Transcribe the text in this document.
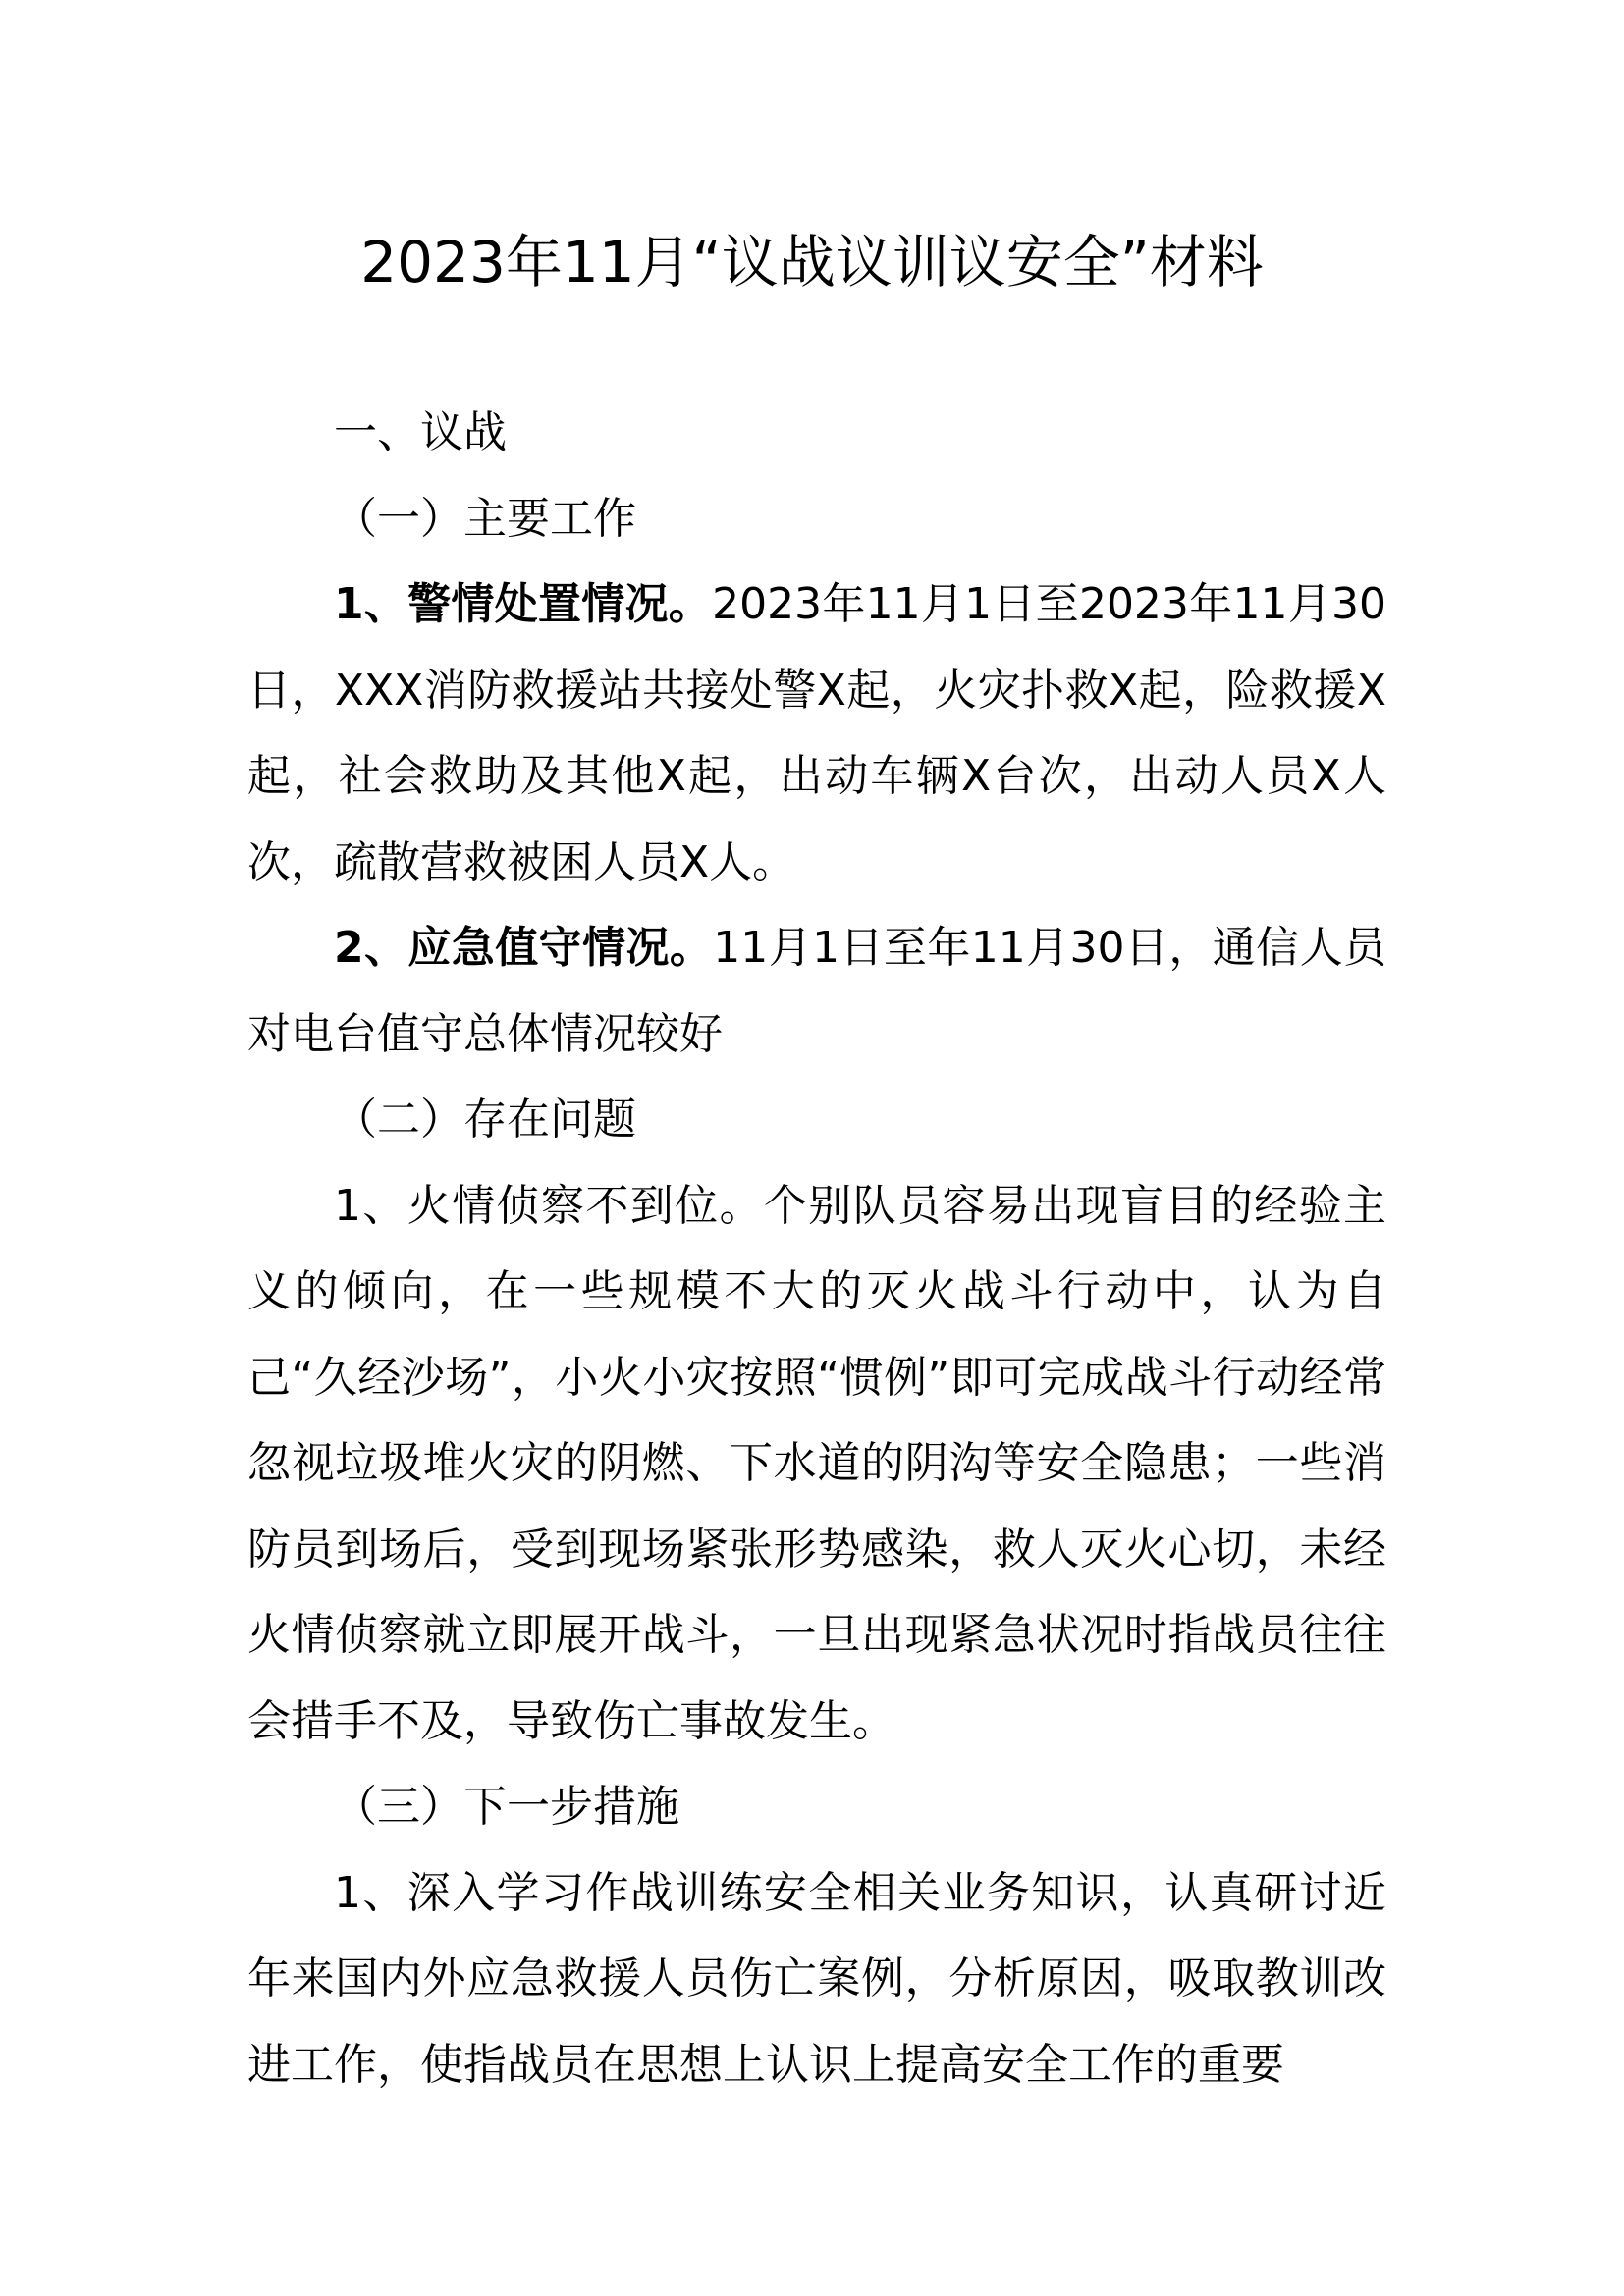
2023年11月“议战议训议安全”材料

一、议战

（一）主要工作

1、警情处置情况。2023年11月1日至2023年11月30日，XXX消防救援站共接处警X起，火灾扑救X起，险救援X起，社会救助及其他X起，出动车辆X台次，出动人员X人次，疏散营救被困人员X人。

2、应急值守情况。11月1日至年11月30日，通信人员对电台值守总体情况较好

（二）存在问题

1、火情侦察不到位。个别队员容易出现盲目的经验主义的倾向，在一些规模不大的灭火战斗行动中，认为自己“久经沙场”，小火小灾按照“惯例”即可完成战斗行动经常忽视垃圾堆火灾的阴燃、下水道的阴沟等安全隐患；一些消防员到场后，受到现场紧张形势感染，救人灭火心切，未经火情侦察就立即展开战斗，一旦出现紧急状况时指战员往往会措手不及，导致伤亡事故发生。

（三）下一步措施

1、深入学习作战训练安全相关业务知识，认真研讨近年来国内外应急救援人员伤亡案例，分析原因，吸取教训改进工作，使指战员在思想上认识上提高安全工作的重要
